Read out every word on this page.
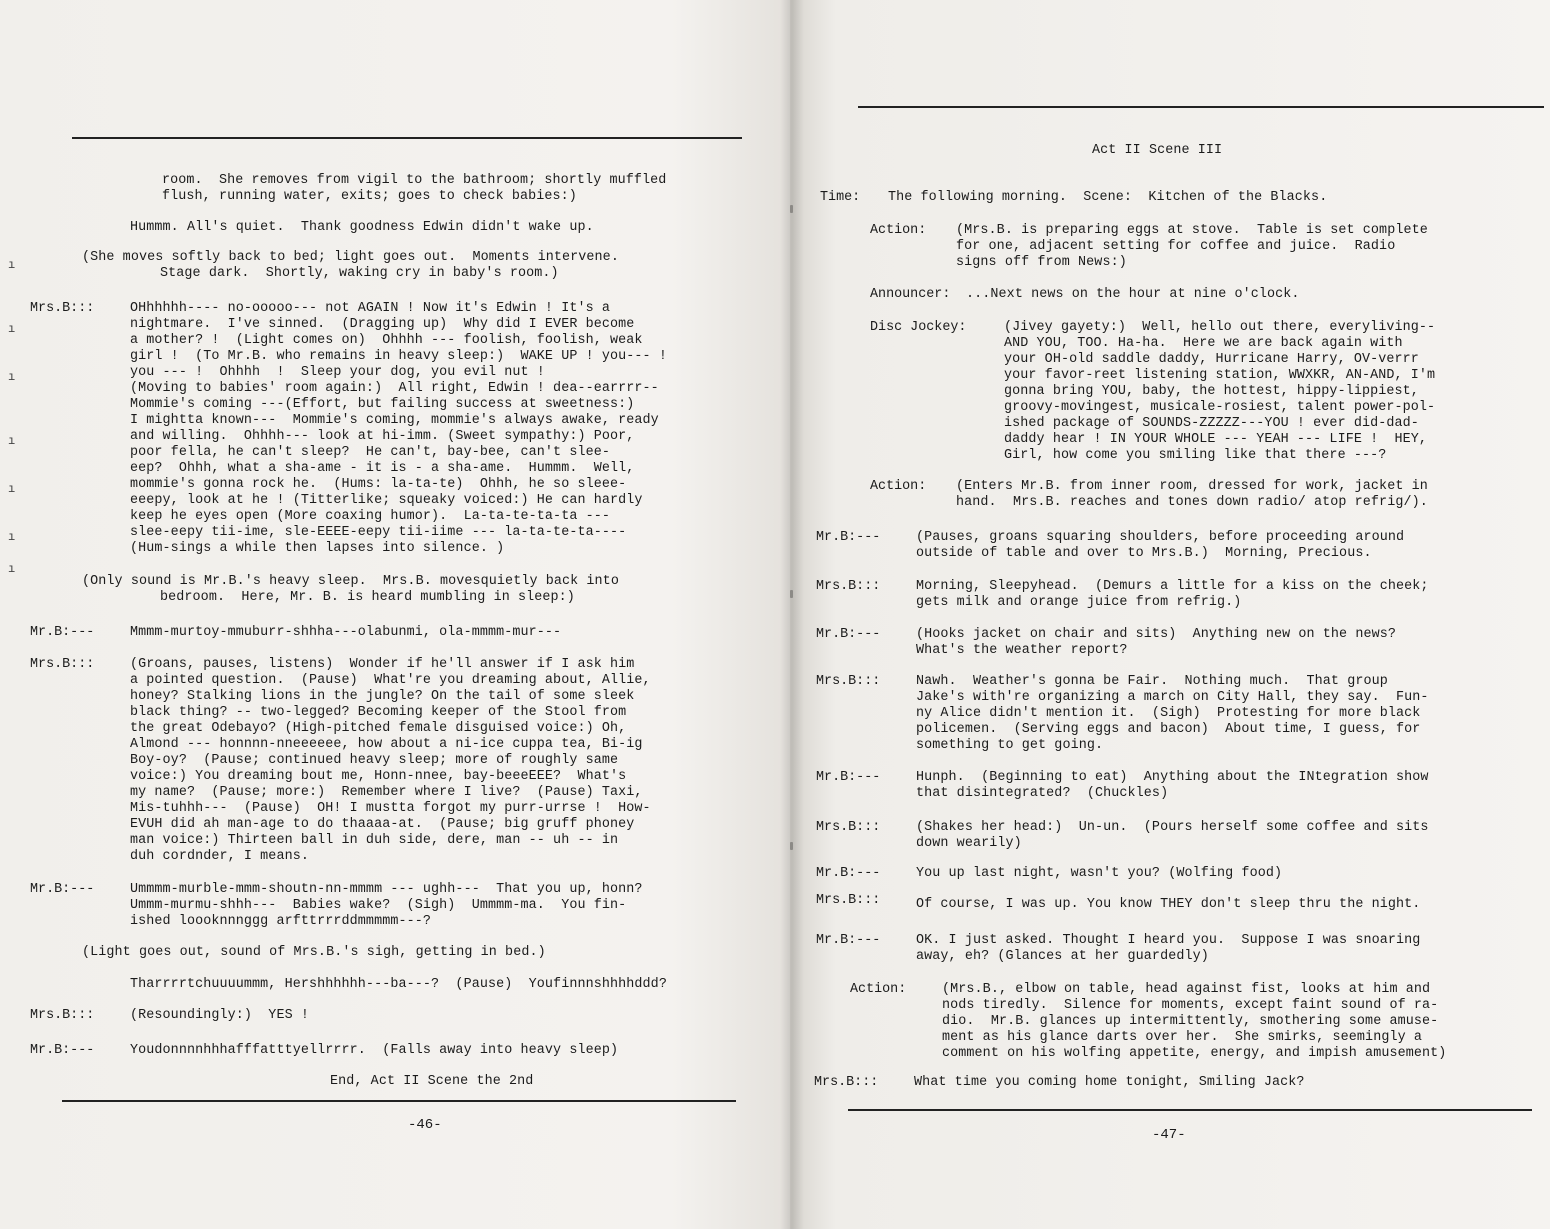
room.  She removes from vigil to the bathroom; shortly muffled
flush, running water, exits; goes to check babies:)
Hummm. All's quiet.  Thank goodness Edwin didn't wake up.
(She moves softly back to bed; light goes out.  Moments intervene.
Stage dark.  Shortly, waking cry in baby's room.)
Mrs.B:::	OHhhhhh---- no-ooooo--- not AGAIN ! Now it's Edwin ! It's a
nightmare.  I've sinned.  (Dragging up)  Why did I EVER become
a mother? !  (Light comes on)  Ohhhh --- foolish, foolish, weak
girl !  (To Mr.B. who remains in heavy sleep:)  WAKE UP ! you--- !
you --- !  Ohhhh  !  Sleep your dog, you evil nut !
(Moving to babies' room again:)  All right, Edwin ! dea--earrrr--
Mommie's coming ---(Effort, but failing success at sweetness:)
I mightta known---  Mommie's coming, mommie's always awake, ready
and willing.  Ohhhh--- look at hi-imm. (Sweet sympathy:) Poor,
poor fella, he can't sleep?  He can't, bay-bee, can't slee-
eep?  Ohhh, what a sha-ame - it is - a sha-ame.  Hummm.  Well,
mommie's gonna rock he.  (Hums: la-ta-te)  Ohhh, he so sleee-
eeepy, look at he ! (Titterlike; squeaky voiced:) He can hardly
keep he eyes open (More coaxing humor).  La-ta-te-ta-ta ---
slee-eepy tii-ime, sle-EEEE-eepy tii-iime --- la-ta-te-ta----
(Hum-sings a while then lapses into silence. )
(Only sound is Mr.B.'s heavy sleep.  Mrs.B. movesquietly back into
bedroom.  Here, Mr. B. is heard mumbling in sleep:)
Mr.B:---	Mmmm-murtoy-mmuburr-shhha---olabunmi, ola-mmmm-mur---
Mrs.B:::	(Groans, pauses, listens)  Wonder if he'll answer if I ask him
a pointed question.  (Pause)  What're you dreaming about, Allie,
honey? Stalking lions in the jungle? On the tail of some sleek
black thing? -- two-legged? Becoming keeper of the Stool from
the great Odebayo? (High-pitched female disguised voice:) Oh,
Almond --- honnnn-nneeeeee, how about a ni-ice cuppa tea, Bi-ig
Boy-oy?  (Pause; continued heavy sleep; more of roughly same
voice:) You dreaming bout me, Honn-nnee, bay-beeeEEE?  What's
my name?  (Pause; more:)  Remember where I live?  (Pause) Taxi,
Mis-tuhhh---  (Pause)  OH! I mustta forgot my purr-urrse !  How-
EVUH did ah man-age to do thaaaa-at.  (Pause; big gruff phoney
man voice:) Thirteen ball in duh side, dere, man -- uh -- in
duh cordnder, I means.
Mr.B:---	Ummmm-murble-mmm-shoutn-nn-mmmm --- ughh---  That you up, honn?
Ummm-murmu-shhh---  Babies wake?  (Sigh)  Ummmm-ma.  You fin-
ished loooknnnggg arfttrrrddmmmmm---?
(Light goes out, sound of Mrs.B.'s sigh, getting in bed.)
Tharrrrtchuuuummm, Hershhhhhh---ba---?  (Pause)  Youfinnnshhhhddd?
Mrs.B:::	(Resoundingly:)  YES !
Mr.B:---	Youdonnnnhhhafffatttyellrrrr.  (Falls away into heavy sleep)
End, Act II Scene the 2nd
-46-
ı
ı
ı
ı
ı
ı
ı
Act II Scene III
Time: The following morning.  Scene:  Kitchen of the Blacks.
Action: (Mrs.B. is preparing eggs at stove.  Table is set complete
for one, adjacent setting for coffee and juice.  Radio
signs off from News:)
Announcer: ...Next news on the hour at nine o'clock.
Disc Jockey:	(Jivey gayety:)  Well, hello out there, everyliving--
AND YOU, TOO. Ha-ha.  Here we are back again with
your OH-old saddle daddy, Hurricane Harry, OV-verrr
your favor-reet listening station, WWXKR, AN-AND, I'm
gonna bring YOU, baby, the hottest, hippy-lippiest,
groovy-movingest, musicale-rosiest, talent power-pol-
ished package of SOUNDS-ZZZZZ---YOU ! ever did-dad-
daddy hear ! IN YOUR WHOLE --- YEAH --- LIFE !  HEY,
Girl, how come you smiling like that there ---?
Action: (Enters Mr.B. from inner room, dressed for work, jacket in
hand.  Mrs.B. reaches and tones down radio/ atop refrig/).
Mr.B:---	(Pauses, groans squaring shoulders, before proceeding around
outside of table and over to Mrs.B.)  Morning, Precious.
Mrs.B:::	Morning, Sleepyhead.  (Demurs a little for a kiss on the cheek;
gets milk and orange juice from refrig.)
Mr.B:---	(Hooks jacket on chair and sits)  Anything new on the news?
What's the weather report?
Mrs.B:::	Nawh.  Weather's gonna be Fair.  Nothing much.  That group
Jake's with're organizing a march on City Hall, they say.  Fun-
ny Alice didn't mention it.  (Sigh)  Protesting for more black
policemen.  (Serving eggs and bacon)  About time, I guess, for
something to get going.
Mr.B:---	Hunph.  (Beginning to eat)  Anything about the INtegration show
that disintegrated?  (Chuckles)
Mrs.B:::	(Shakes her head:)  Un-un.  (Pours herself some coffee and sits
down wearily)
Mr.B:---	You up last night, wasn't you? (Wolfing food)
Mrs.B:::	Of course, I was up. You know THEY don't sleep thru the night.
Mr.B:---	OK. I just asked. Thought I heard you.  Suppose I was snoaring
away, eh? (Glances at her guardedly)
Action:	(Mrs.B., elbow on table, head against fist, looks at him and
nods tiredly.  Silence for moments, except faint sound of ra-
dio.  Mr.B. glances up intermittently, smothering some amuse-
ment as his glance darts over her.  She smirks, seemingly a
comment on his wolfing appetite, energy, and impish amusement)
Mrs.B:::	What time you coming home tonight, Smiling Jack?
-47-
